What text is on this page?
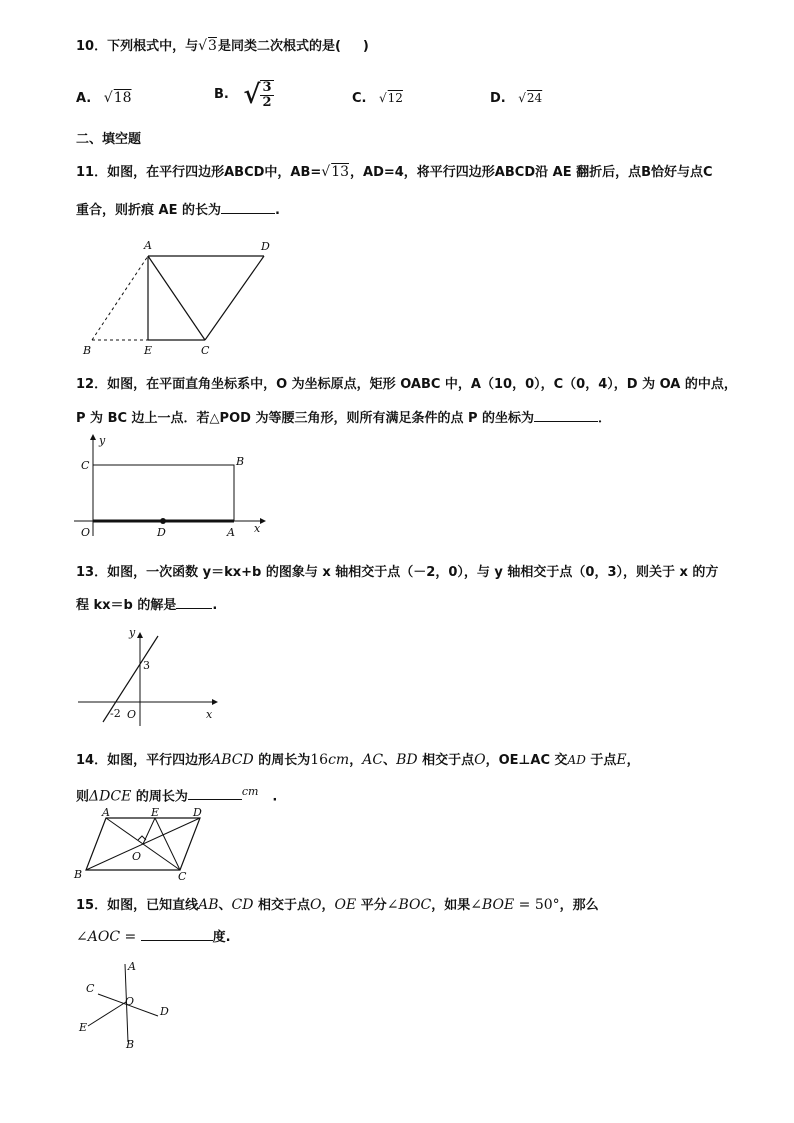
10．下列根式中，与√3是同类二次根式的是( )
A. √18	B. √ $\frac{3}{2}$	C. √12	D. √24
二、填空题
11．如图，在平行四边形ABCD中，AB=√13，AD=4，将平行四边形ABCD沿 AE 翻折后，点B恰好与点C
重合，则折痕 AE 的长为	.
A	D
B	E	C
12．如图，在平面直角坐标系中，O 为坐标原点，矩形 OABC 中，A（10，0），C（0，4），D 为 OA 的中点，
P 为 BC 边上一点．若△POD 为等腰三角形，则所有满足条件的点 P 的坐标为	．
y
C	B
O	D	A x
13．如图，一次函数 y＝kx+b 的图象与 x 轴相交于点（－2，0），与 y 轴相交于点（0，3），则关于 x 的方
程 kx＝b 的解是	.
y
3
-2 O	x
14．如图，平行四边形ABCD 的周长为16cm，AC、BD 相交于点O，OE⊥AC 交AD 于点E，
则ΔDCE 的周长为	$^{cm}$ .
A	E	D
O
B	C
15．如图，已知直线AB、CD 相交于点O，OE 平分∠BOC，如果∠BOE = 50°，那么
∠AOC =	度.
A
C
O
D
E
B
